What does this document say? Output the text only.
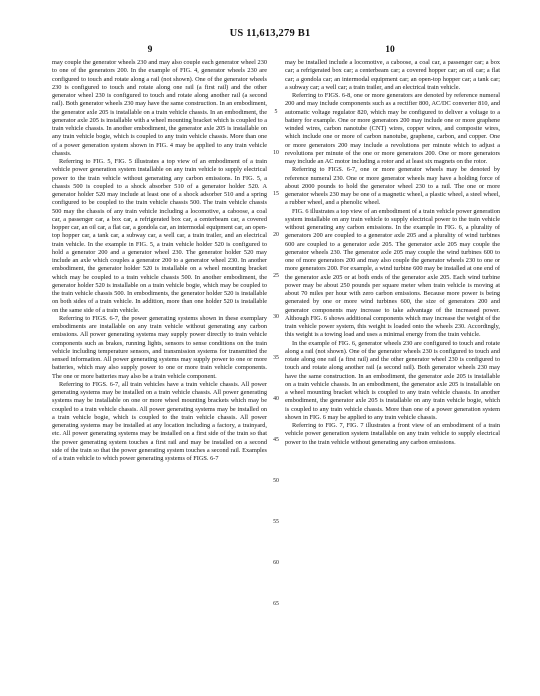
US 11,613,279 B1
9	10

may couple the generator wheels 230 and may also couple each generator wheel 230 to one of the generators 200. In the example of FIG. 4, generator wheels 230 are configured to touch and rotate along a rail (not shown). One of the generator wheels 230 is configured to touch and rotate along one rail (a first rail) and the other generator wheel 230 is configured to touch and rotate along another rail (a second rail). Both generator wheels 230 may have the same construction. In an embodiment, the generator axle 205 is installable on a train vehicle chassis. In an embodiment, the generator axle 205 is installable with a wheel mounting bracket which is coupled to a train vehicle chassis. In another embodiment, the generator axle 205 is installable on any train vehicle bogie, which is coupled to any train vehicle chassis. More than one of a power generation system shown in FIG. 4 may be applied to any train vehicle chassis.

Referring to FIG. 5, FIG. 5 illustrates a top view of an embodiment of a train vehicle power generation system installable on any train vehicle to supply electrical power to the train vehicle without generating any carbon emissions. In FIG. 5, a chassis 500 is coupled to a shock absorber 510 of a generator holder 520. A generator holder 520 may include at least one of a shock adsorber 510 and a spring configured to be coupled to the train vehicle chassis 500. The train vehicle chassis 500 may the chassis of any train vehicle including a locomotive, a caboose, a coal car, a passenger car, a box car, a refrigerated box car, a centerbeam car, a covered hopper car, an oil car, a flat car, a gondola car, an intermodal equipment car, an open-top hopper car, a tank car, a subway car, a well car, a train trailer, and an electrical train vehicle. In the example in FIG. 5, a train vehicle holder 520 is configured to hold a generator 200 and a generator wheel 230. The generator holder 520 may include an axle which couples a generator 200 to a generator wheel 230. In another embodiment, the generator holder 520 is installable on a wheel mounting bracket which may be coupled to a train vehicle chassis 500. In another embodiment, the generator holder 520 is installable on a train vehicle bogie, which may be coupled to the train vehicle chassis 500. In embodiments, the generator holder 520 is installable on both sides of a train vehicle. In addition, more than one holder 520 is installable on the same side of a train vehicle.

Referring to FIGS. 6-7, the power generating systems shown in these exemplary embodiments are installable on any train vehicle without generating any carbon emissions. All power generating systems may supply power directly to train vehicle components such as brakes, running lights, sensors to sense conditions on the train vehicle including temperature sensors, and transmission systems for transmitted the sensed information. All power generating systems may supply power to one or more batteries, which may also supply power to one or more train vehicle components. The one or more batteries may also be a train vehicle component.

Referring to FIGS. 6-7, all train vehicles have a train vehicle chassis. All power generating systems may be installed on a train vehicle chassis. All power generating systems may be installable on one or more wheel mounting brackets which may be coupled to a train vehicle chassis. All power generating systems may be installed on a train vehicle bogie, which is coupled to the train vehicle chassis. All power generating systems may be installed at any location including a factory, a trainyard, etc. All power generating systems may be installed on a first side of the train so that the power generating system touches a first rail and may be installed on a second side of the train so that the power generating system touches a second rail. Examples of a train vehicle to which power generating systems of FIGS. 6-7

may be installed include a locomotive, a caboose, a coal car, a passenger car; a box car; a refrigerated box car; a centerbeam car; a covered hopper car; an oil car; a flat car; a gondola car; an intermodal equipment car; an open-top hopper car; a tank car; a subway car; a well car; a train trailer, and an electrical train vehicle.

Referring to FIGS. 6-8, one or more generators are denoted by reference numeral 200 and may include components such as a rectifier 800, AC/DC converter 810, and automatic voltage regulator 820, which may be configured to deliver a voltage to a battery for example. One or more generators 200 may include one or more graphene winded wires, carbon nanotube (CNT) wires, copper wires, and composite wires, which include one or more of carbon nanotube, graphene, carbon, and copper. One or more generators 200 may include a revolutions per minute which to adjust a revolutions per minute of the one or more generators 200. One or more generators may include an AC motor including a rotor and at least six magnets on the rotor.

Referring to FIGS. 6-7, one or more generator wheels may be denoted by reference numeral 230. One or more generator wheels may have a holding force of about 2000 pounds to hold the generator wheel 230 to a rail. The one or more generator wheels 230 may be one of a magnetic wheel, a plastic wheel, a steel wheel, a rubber wheel, and a phenolic wheel.

FIG. 6 illustrates a top view of an embodiment of a train vehicle power generation system installable on any train vehicle to supply electrical power to the train vehicle without generating any carbon emissions. In the example in FIG. 6, a plurality of generators 200 are coupled to a generator axle 205 and a plurality of wind turbines 600 are coupled to a generator axle 205. The generator axle 205 may couple the generator wheels 230. The generator axle 205 may couple the wind turbines 600 to one of more generators 200 and may also couple the generator wheels 230 to one or more generators 200. For example, a wind turbine 600 may be installed at one end of the generator axle 205 or at both ends of the generator axle 205. Each wind turbine power may be about 250 pounds per square meter when train vehicle is moving at about 70 miles per hour with zero carbon emissions. Because more power is being generated by one or more wind turbines 600, the size of generators 200 and generator components may increase to take advantage of the increased power. Although FIG. 6 shows additional components which may increase the weight of the train vehicle power system, this weight is loaded onto the wheels 230. Accordingly, this weight is a towing load and uses a minimal energy from the train vehicle.

In the example of FIG. 6, generator wheels 230 are configured to touch and rotate along a rail (not shown). One of the generator wheels 230 is configured to touch and rotate along one rail (a first rail) and the other generator wheel 230 is configured to touch and rotate along another rail (a second rail). Both generator wheels 230 may have the same construction. In an embodiment, the generator axle 205 is installable on a train vehicle chassis. In an embodiment, the generator axle 205 is installable on a wheel mounting bracket which is coupled to any train vehicle chassis. In another embodiment, the generator axle 205 is installable on any train vehicle bogie, which is coupled to any train vehicle chassis. More than one of a power generation system shown in FIG. 6 may be applied to any train vehicle chassis.

Referring to FIG. 7, FIG. 7 illustrates a front view of an embodiment of a train vehicle power generation system installable on any train vehicle to supply electrical power to the train vehicle without generating any carbon emissions.

5
10
15
20
25
30
35
40
45
50
55
60
65
